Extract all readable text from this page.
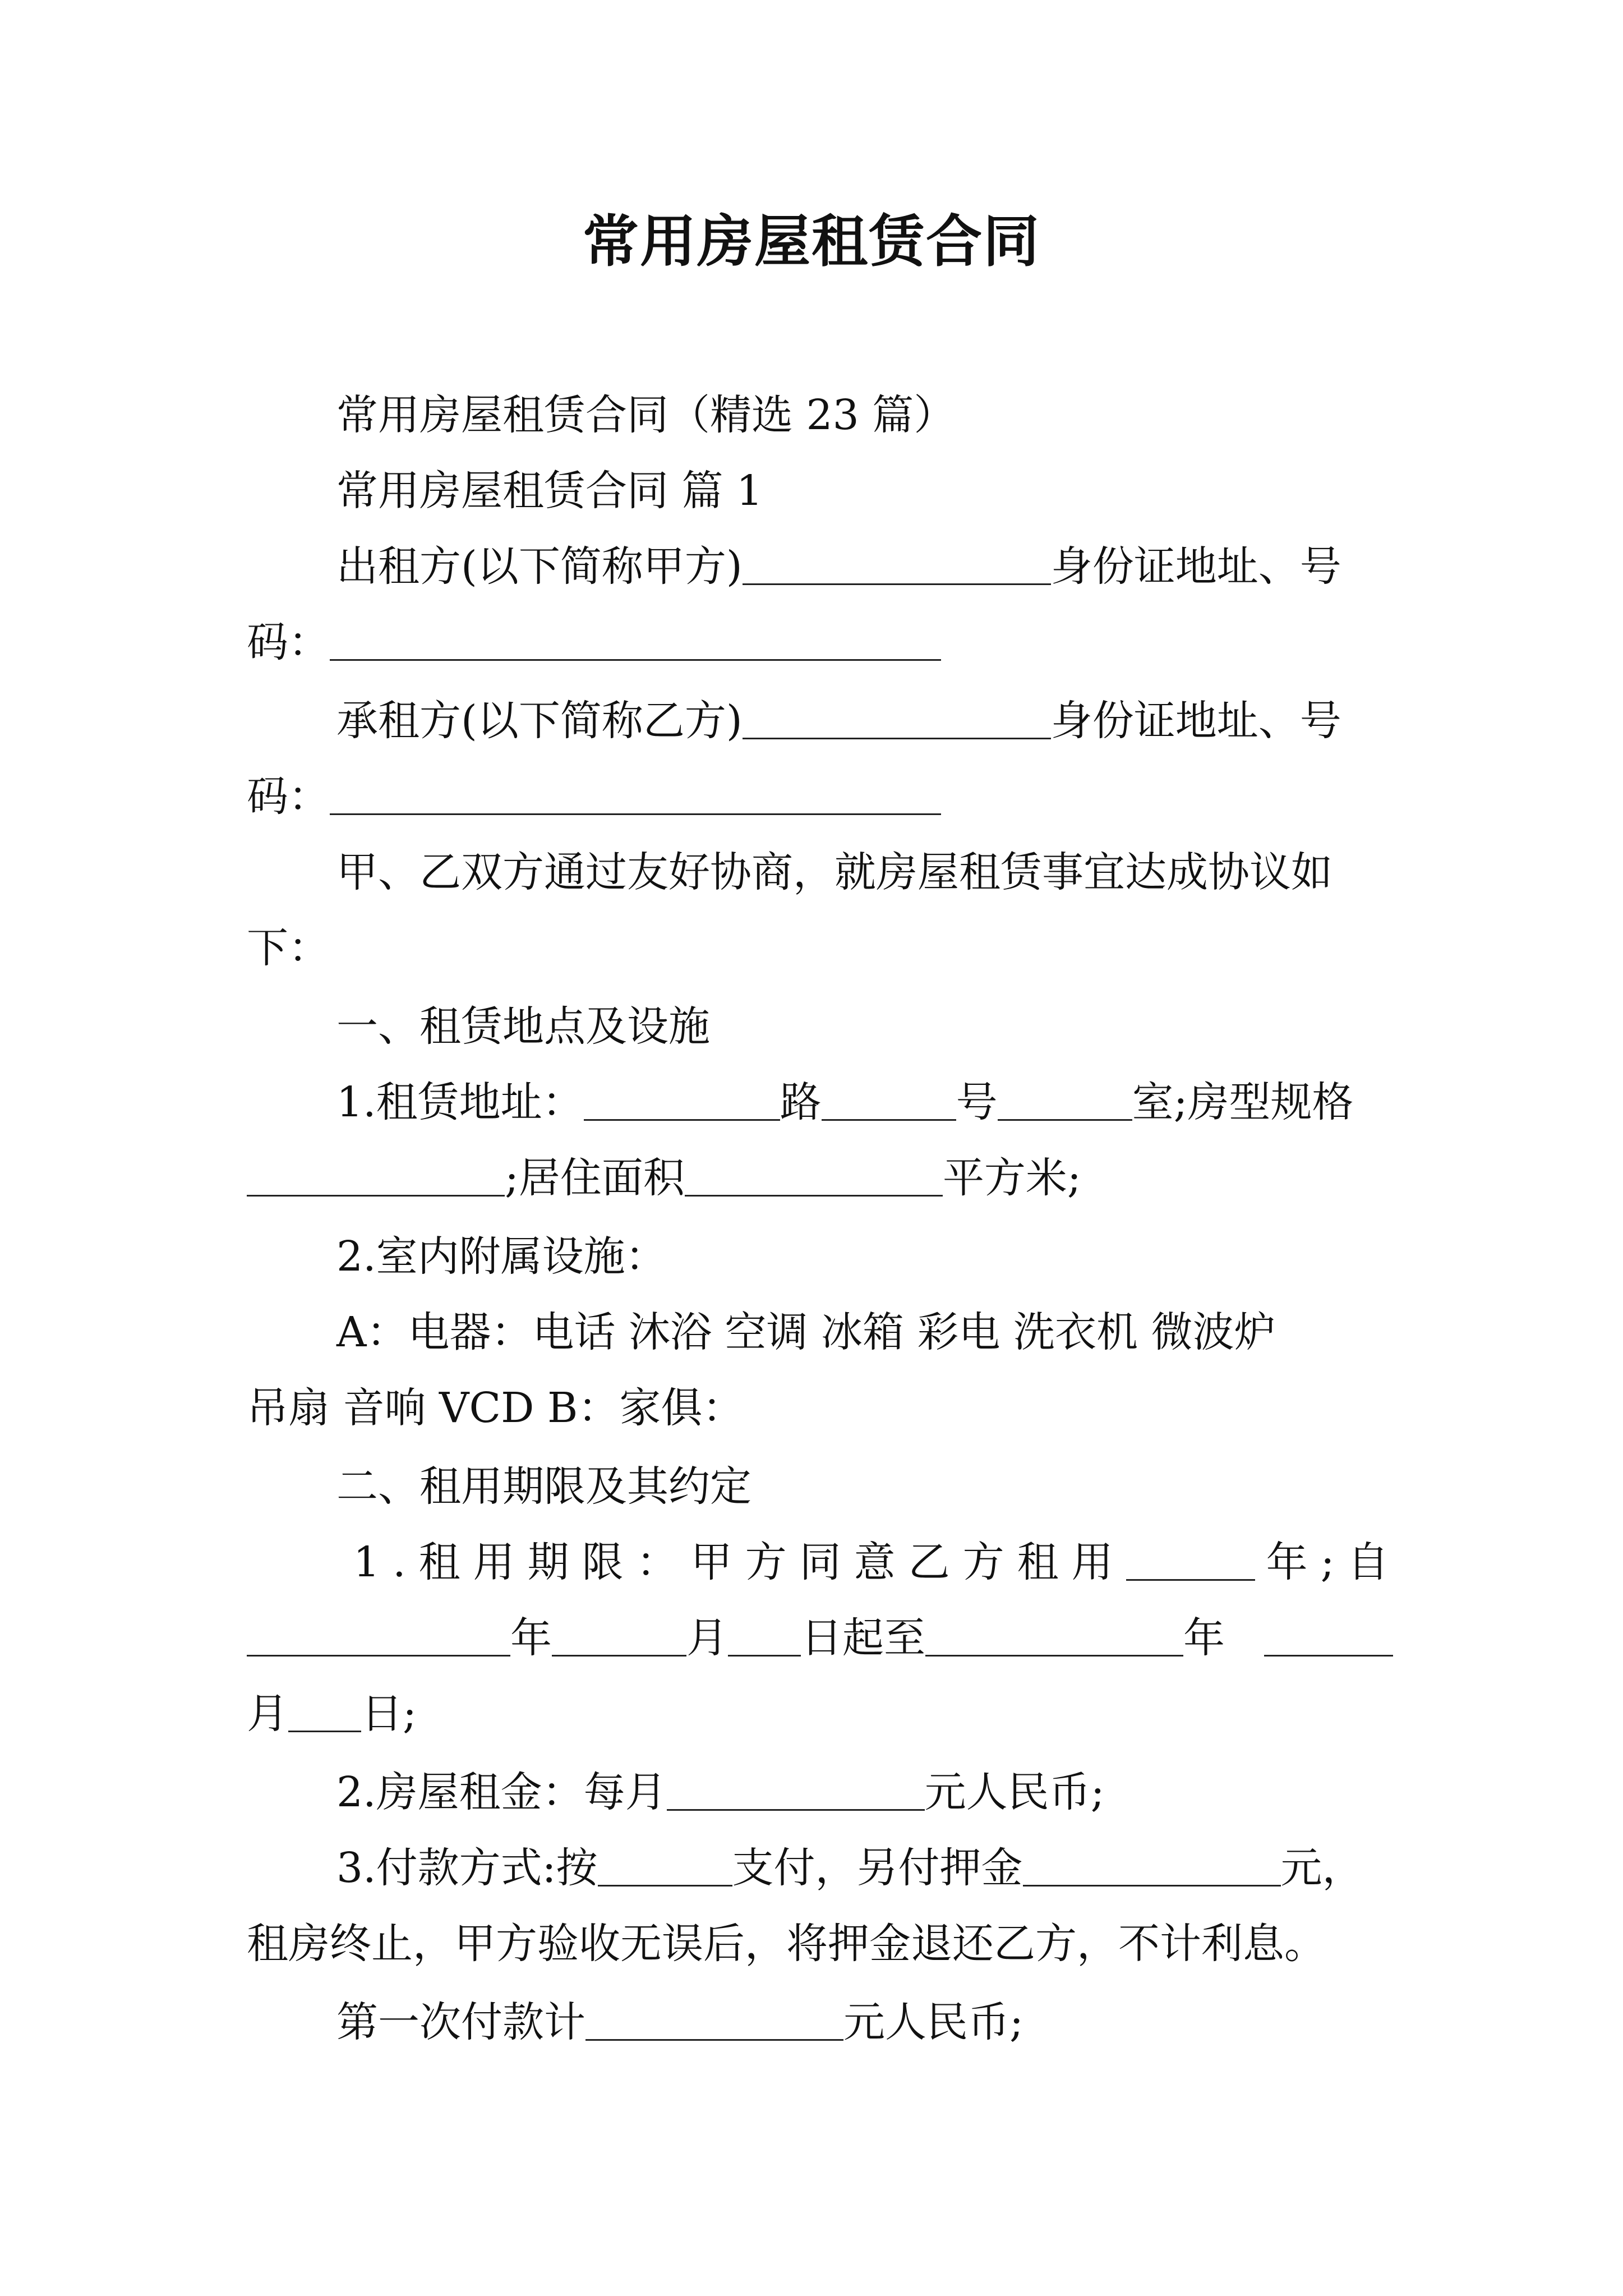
常用房屋租赁合同
常用房屋租赁合同（精选 23 篇）
常用房屋租赁合同 篇 1
出租方(以下简称甲方)	身份证地址、号
码：
承租方(以下简称乙方)	身份证地址、号
码：
甲、乙双方通过友好协商，就房屋租赁事宜达成协议如
下：
一、租赁地点及设施
1.租赁地址：	路	号	室;房型规格
;居住面积	平方米;
2.室内附属设施：
A：电器：电话 沐浴 空调 冰箱 彩电 洗衣机 微波炉
吊扇 音响 VCD B：家俱：
二、租用期限及其约定
1.租用期限：甲方同意乙方租用	年;自
年	月 日起至	年
月 日;
2.房屋租金：每月	元人民币;
3.付款方式:按	支付，另付押金	元，
租房终止，甲方验收无误后，将押金退还乙方，不计利息。
第一次付款计	元人民币;
